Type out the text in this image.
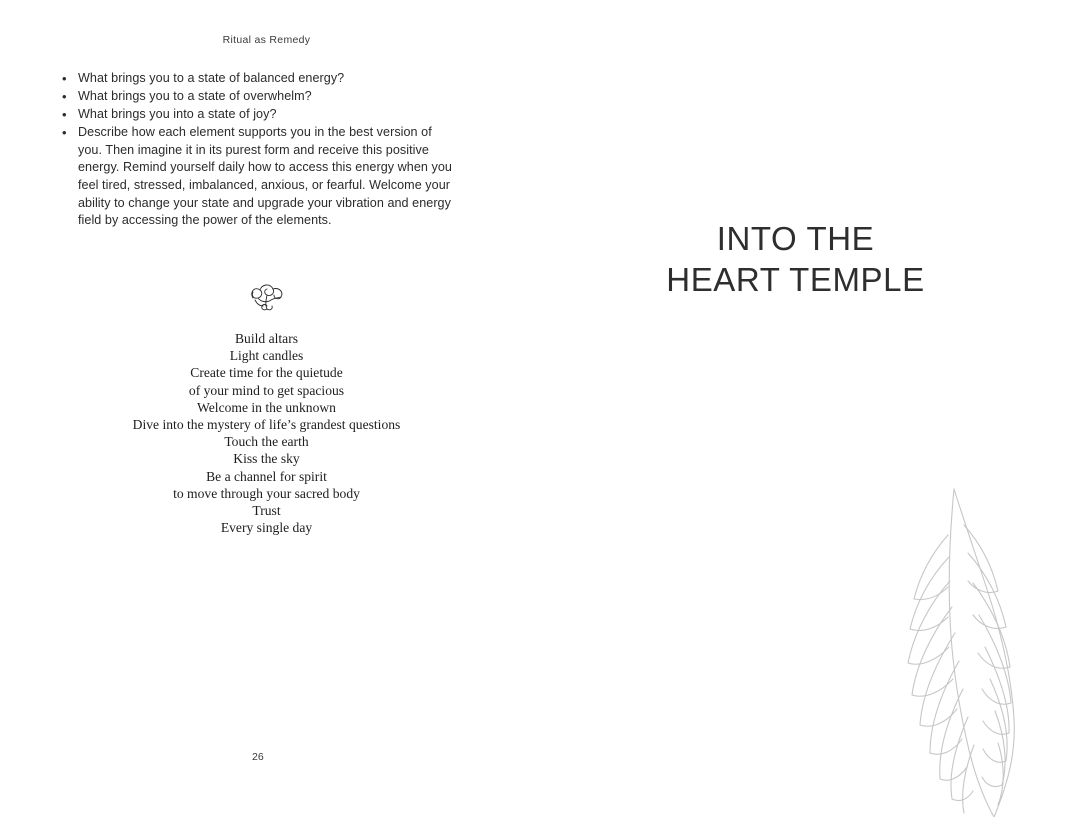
Ritual as Remedy
• What brings you to a state of balanced energy?
• What brings you to a state of overwhelm?
• What brings you into a state of joy?
• Describe how each element supports you in the best version of you. Then imagine it in its purest form and receive this positive energy. Remind yourself daily how to access this energy when you feel tired, stressed, imbalanced, anxious, or fearful. Welcome your ability to change your state and upgrade your vibration and energy field by accessing the power of the elements.
Build altars
Light candles
Create time for the quietude
of your mind to get spacious
Welcome in the unknown
Dive into the mystery of life’s grandest questions
Touch the earth
Kiss the sky
Be a channel for spirit
to move through your sacred body
Trust
Every single day
26
INTO THE
HEART TEMPLE
